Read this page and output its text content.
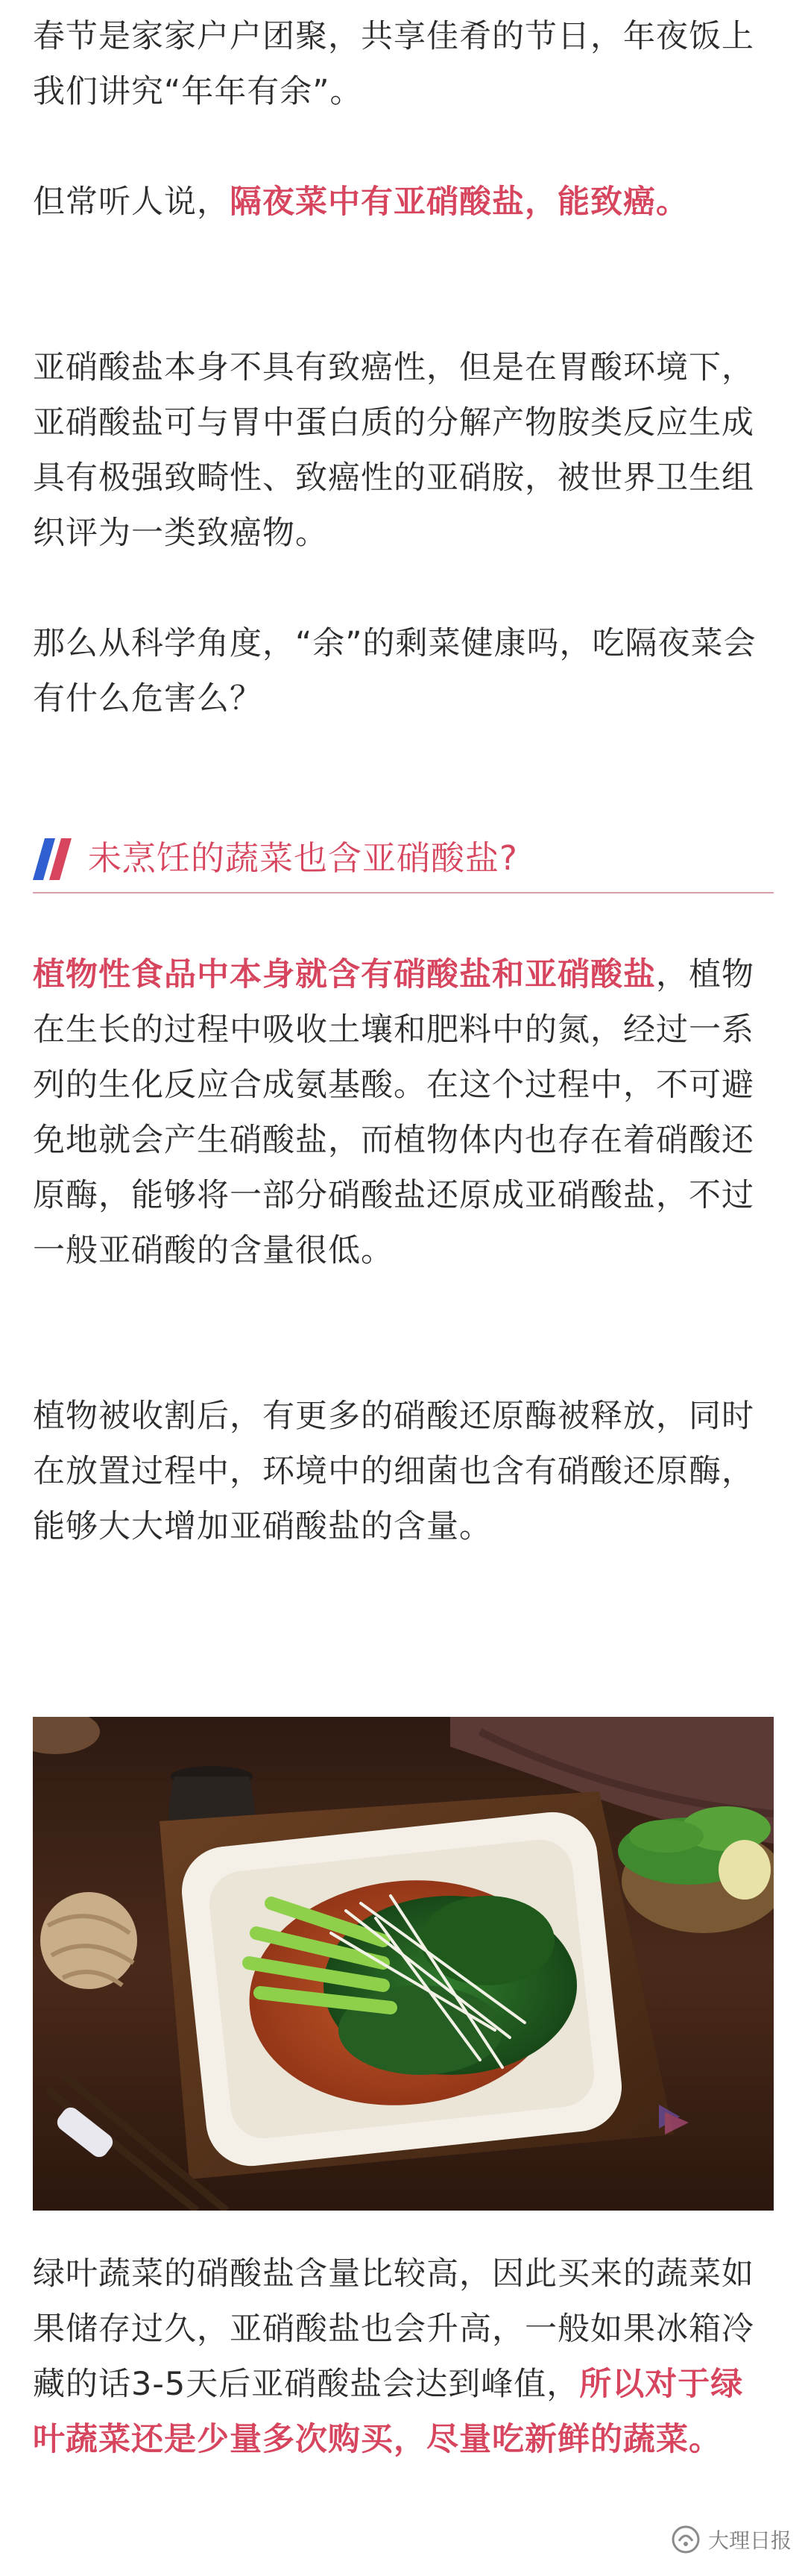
春节是家家户户团聚，共享佳肴的节日，年夜饭上我们讲究“年年有余”。

但常听人说，隔夜菜中有亚硝酸盐，能致癌。

亚硝酸盐本身不具有致癌性，但是在胃酸环境下，亚硝酸盐可与胃中蛋白质的分解产物胺类反应生成具有极强致畸性、致癌性的亚硝胺，被世界卫生组织评为一类致癌物。

那么从科学角度，“余”的剩菜健康吗，吃隔夜菜会有什么危害么？

植物性食品中本身就含有硝酸盐和亚硝酸盐，植物在生长的过程中吸收土壤和肥料中的氮，经过一系列的生化反应合成氨基酸。在这个过程中，不可避免地就会产生硝酸盐，而植物体内也存在着硝酸还原酶，能够将一部分硝酸盐还原成亚硝酸盐，不过一般亚硝酸的含量很低。

植物被收割后，有更多的硝酸还原酶被释放，同时在放置过程中，环境中的细菌也含有硝酸还原酶，能够大大增加亚硝酸盐的含量。

绿叶蔬菜的硝酸盐含量比较高，因此买来的蔬菜如果储存过久，亚硝酸盐也会升高，一般如果冰箱冷藏的话3-5天后亚硝酸盐会达到峰值，所以对于绿叶蔬菜还是少量多次购买，尽量吃新鲜的蔬菜。

未烹饪的蔬菜也含亚硝酸盐?
大理日报
